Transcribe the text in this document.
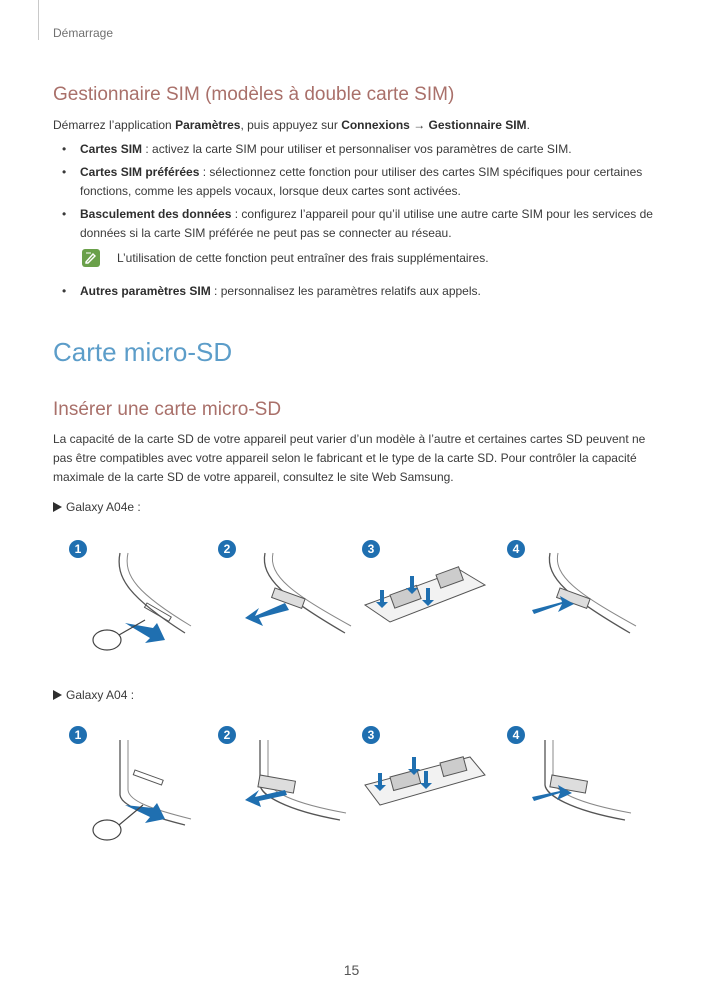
Démarrage
Gestionnaire SIM (modèles à double carte SIM)

Démarrez l’application Paramètres, puis appuyez sur Connexions → Gestionnaire SIM.

• Cartes SIM : activez la carte SIM pour utiliser et personnaliser vos paramètres de carte SIM.
• Cartes SIM préférées : sélectionnez cette fonction pour utiliser des cartes SIM spécifiques pour certaines fonctions, comme les appels vocaux, lorsque deux cartes sont activées.
• Basculement des données : configurez l’appareil pour qu’il utilise une autre carte SIM pour les services de données si la carte SIM préférée ne peut pas se connecter au réseau.
L’utilisation de cette fonction peut entraîner des frais supplémentaires.
• Autres paramètres SIM : personnalisez les paramètres relatifs aux appels.
Carte micro-SD
Insérer une carte micro-SD

La capacité de la carte SD de votre appareil peut varier d’un modèle à l’autre et certaines cartes SD peuvent ne pas être compatibles avec votre appareil selon le fabricant et le type de la carte SD. Pour contrôler la capacité maximale de la carte SD de votre appareil, consultez le site Web Samsung.

Galaxy A04e :
1	2	3	4
Galaxy A04 :
1	2	3	4
15
